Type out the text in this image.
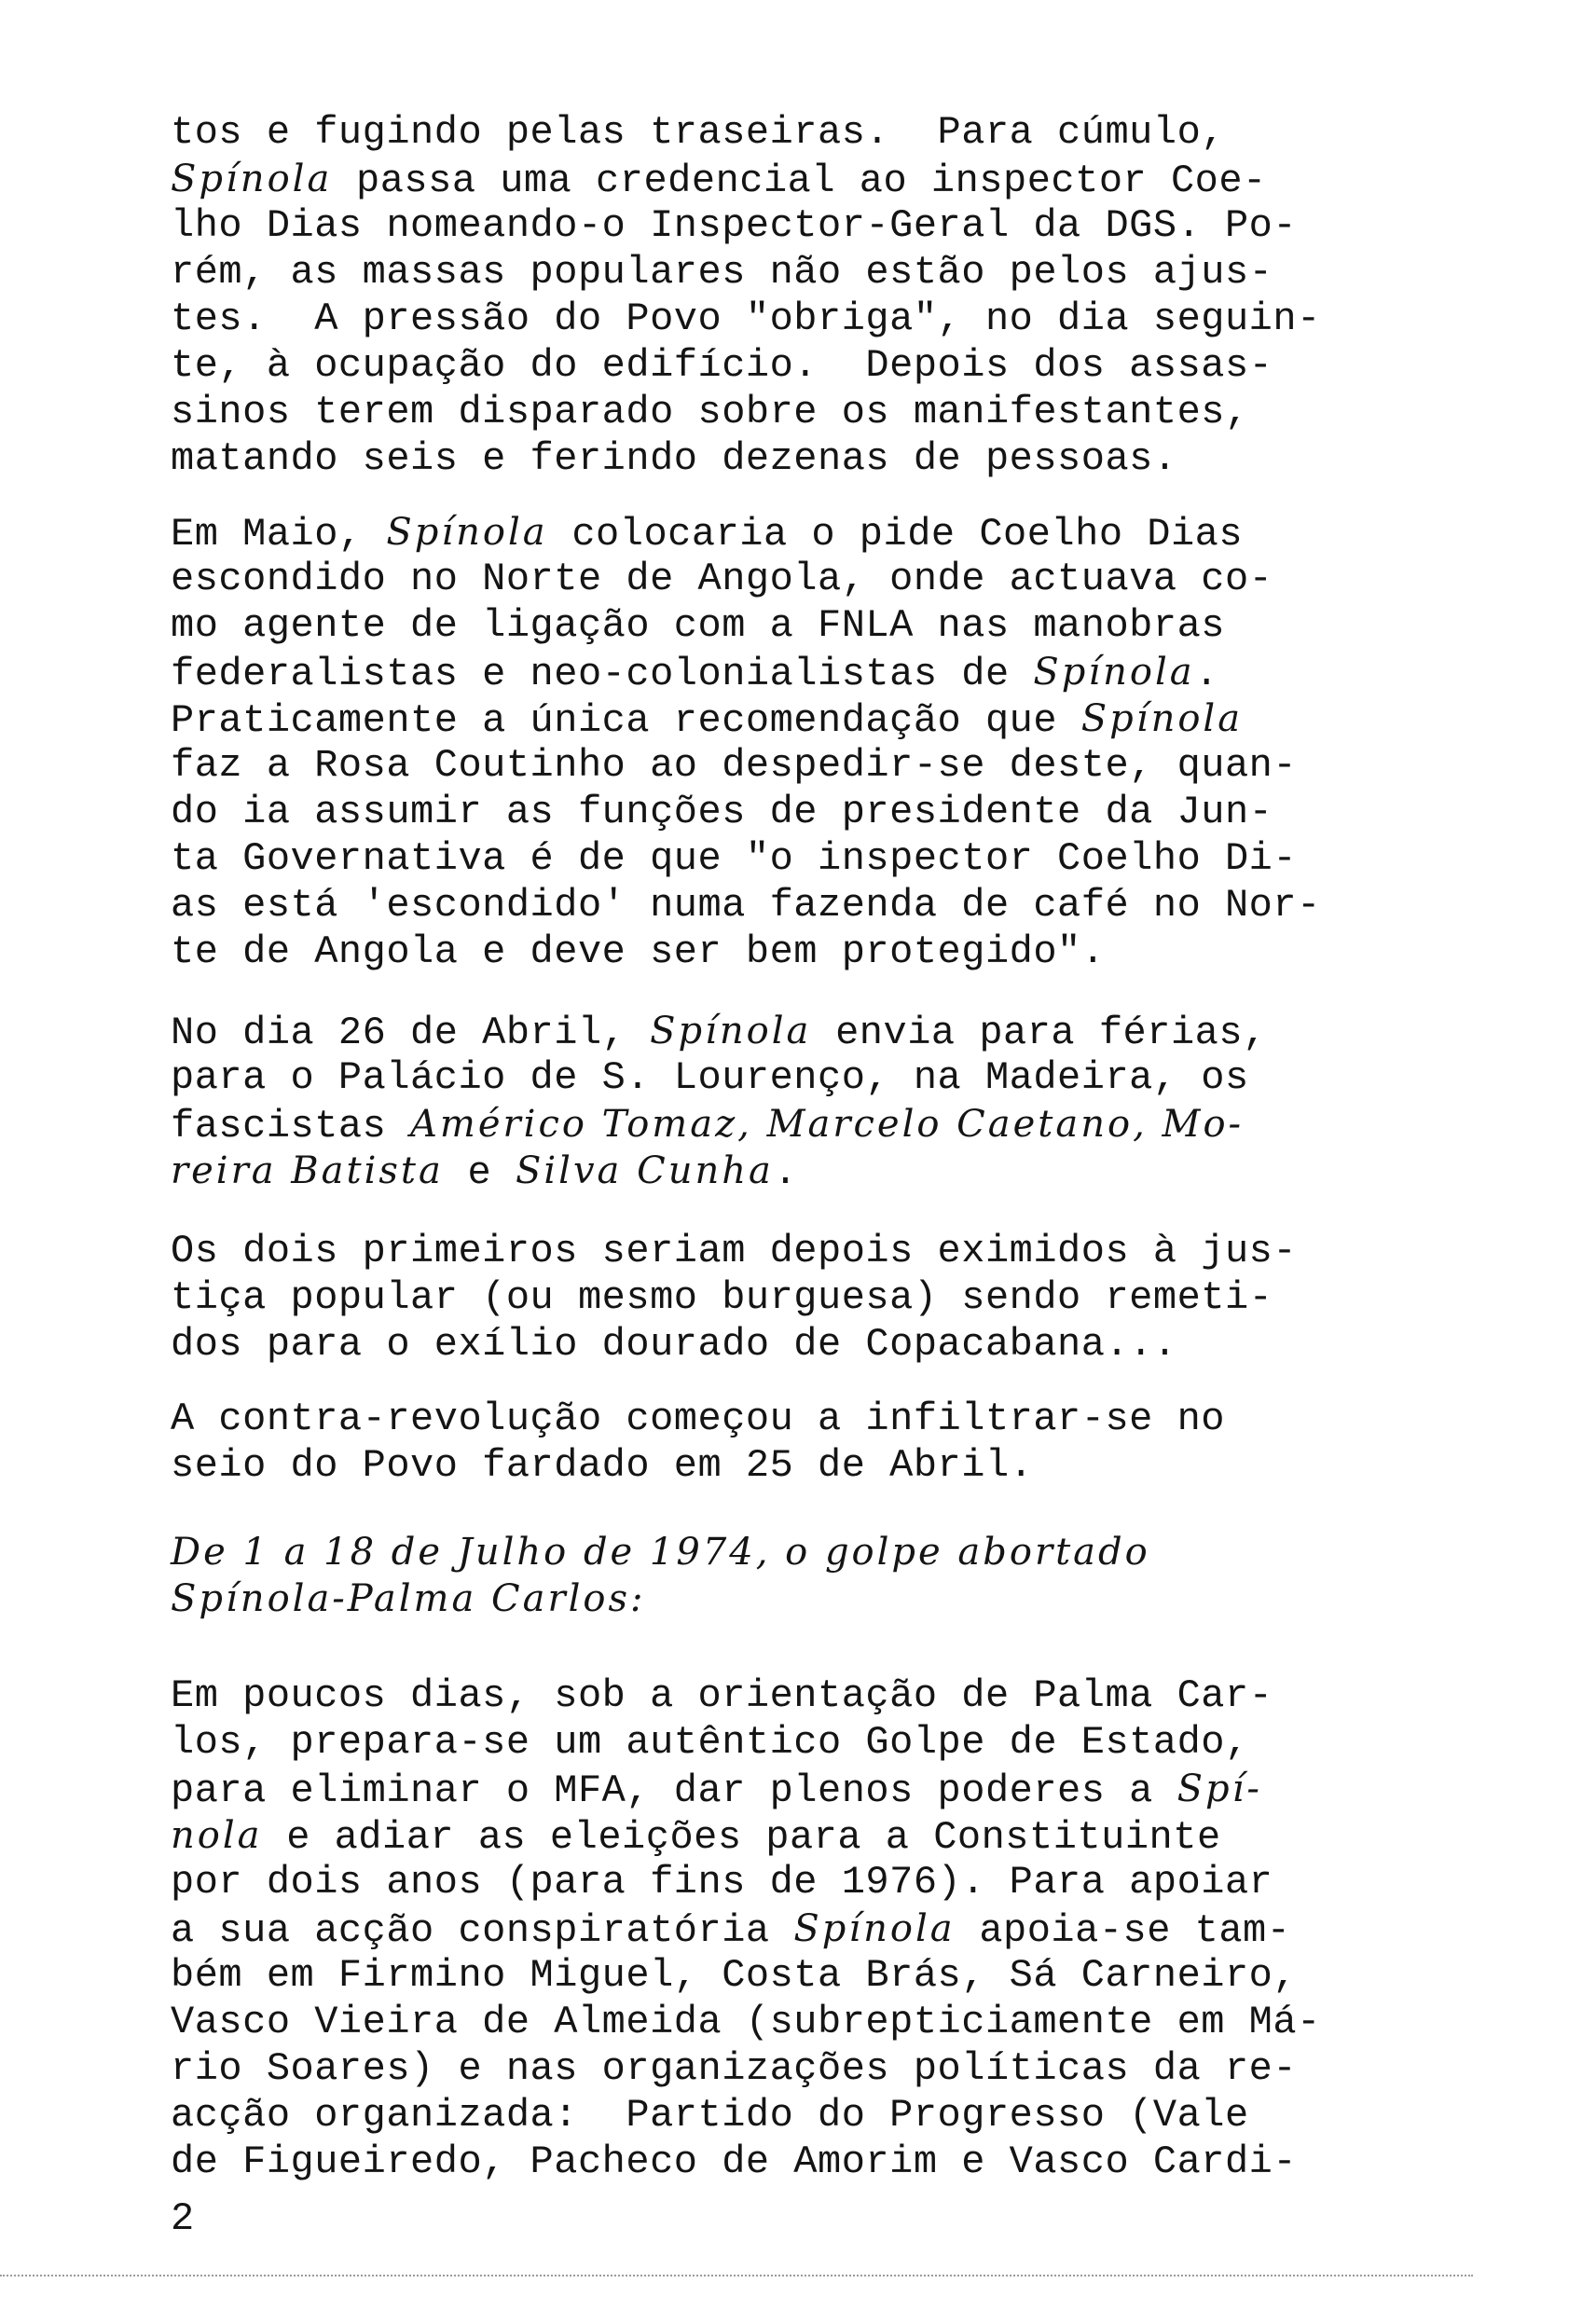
tos e fugindo pelas traseiras.  Para cúmulo,
Spínola passa uma credencial ao inspector Coe-
lho Dias nomeando-o Inspector-Geral da DGS. Po-
rém, as massas populares não estão pelos ajus-
tes.  A pressão do Povo "obriga", no dia seguin-
te, à ocupação do edifício.  Depois dos assas-
sinos terem disparado sobre os manifestantes,
matando seis e ferindo dezenas de pessoas.
Em Maio, Spínola colocaria o pide Coelho Dias
escondido no Norte de Angola, onde actuava co-
mo agente de ligação com a FNLA nas manobras
federalistas e neo-colonialistas de Spínola.
Praticamente a única recomendação que Spínola
faz a Rosa Coutinho ao despedir-se deste, quan-
do ia assumir as funções de presidente da Jun-
ta Governativa é de que "o inspector Coelho Di-
as está 'escondido' numa fazenda de café no Nor-
te de Angola e deve ser bem protegido".
No dia 26 de Abril, Spínola envia para férias,
para o Palácio de S. Lourenço, na Madeira, os
fascistas Américo Tomaz, Marcelo Caetano, Mo-
reira Batista e Silva Cunha.
Os dois primeiros seriam depois eximidos à jus-
tiça popular (ou mesmo burguesa) sendo remeti-
dos para o exílio dourado de Copacabana...
A contra-revolução começou a infiltrar-se no
seio do Povo fardado em 25 de Abril.
De 1 a 18 de Julho de 1974, o golpe abortado
Spínola-Palma Carlos:
Em poucos dias, sob a orientação de Palma Car-
los, prepara-se um autêntico Golpe de Estado,
para eliminar o MFA, dar plenos poderes a Spí-
nola e adiar as eleições para a Constituinte
por dois anos (para fins de 1976). Para apoiar
a sua acção conspiratória Spínola apoia-se tam-
bém em Firmino Miguel, Costa Brás, Sá Carneiro,
Vasco Vieira de Almeida (subrepticiamente em Má-
rio Soares) e nas organizações políticas da re-
acção organizada:  Partido do Progresso (Vale
de Figueiredo, Pacheco de Amorim e Vasco Cardi-
2
